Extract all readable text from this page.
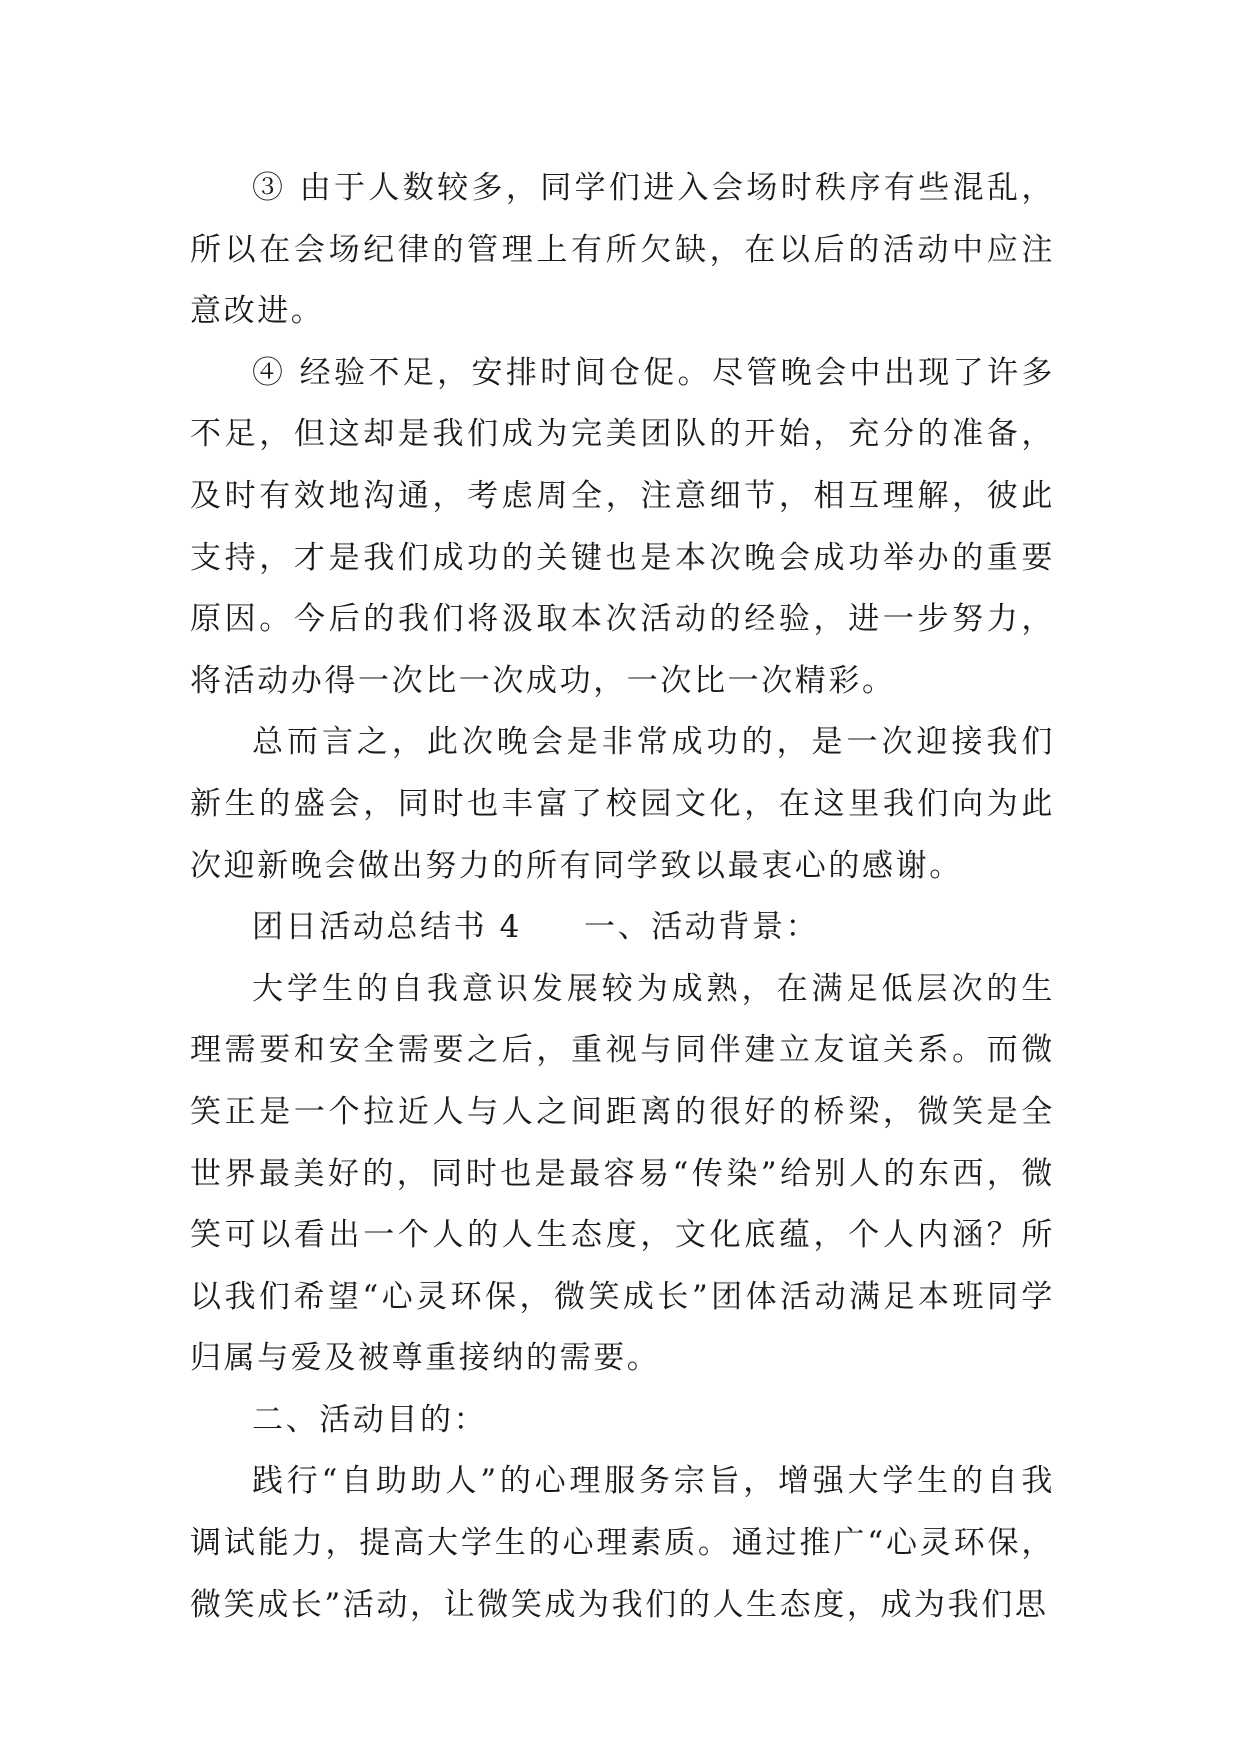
③ 由于人数较多，同学们进入会场时秩序有些混乱，所以在会场纪律的管理上有所欠缺，在以后的活动中应注意改进。

④ 经验不足，安排时间仓促。尽管晚会中出现了许多不足，但这却是我们成为完美团队的开始，充分的准备，及时有效地沟通，考虑周全，注意细节，相互理解，彼此支持，才是我们成功的关键也是本次晚会成功举办的重要原因。今后的我们将汲取本次活动的经验，进一步努力，将活动办得一次比一次成功，一次比一次精彩。

总而言之，此次晚会是非常成功的，是一次迎接我们新生的盛会，同时也丰富了校园文化，在这里我们向为此次迎新晚会做出努力的所有同学致以最衷心的感谢。

团日活动总结书 4 一、活动背景：

大学生的自我意识发展较为成熟，在满足低层次的生理需要和安全需要之后，重视与同伴建立友谊关系。而微笑正是一个拉近人与人之间距离的很好的桥梁，微笑是全世界最美好的，同时也是最容易“传染”给别人的东西，微笑可以看出一个人的人生态度，文化底蕴，个人内涵？所以我们希望“心灵环保，微笑成长”团体活动满足本班同学归属与爱及被尊重接纳的需要。

二、活动目的：

践行“自助助人”的心理服务宗旨，增强大学生的自我调试能力，提高大学生的心理素质。通过推广“心灵环保，微笑成长”活动，让微笑成为我们的人生态度，成为我们思
